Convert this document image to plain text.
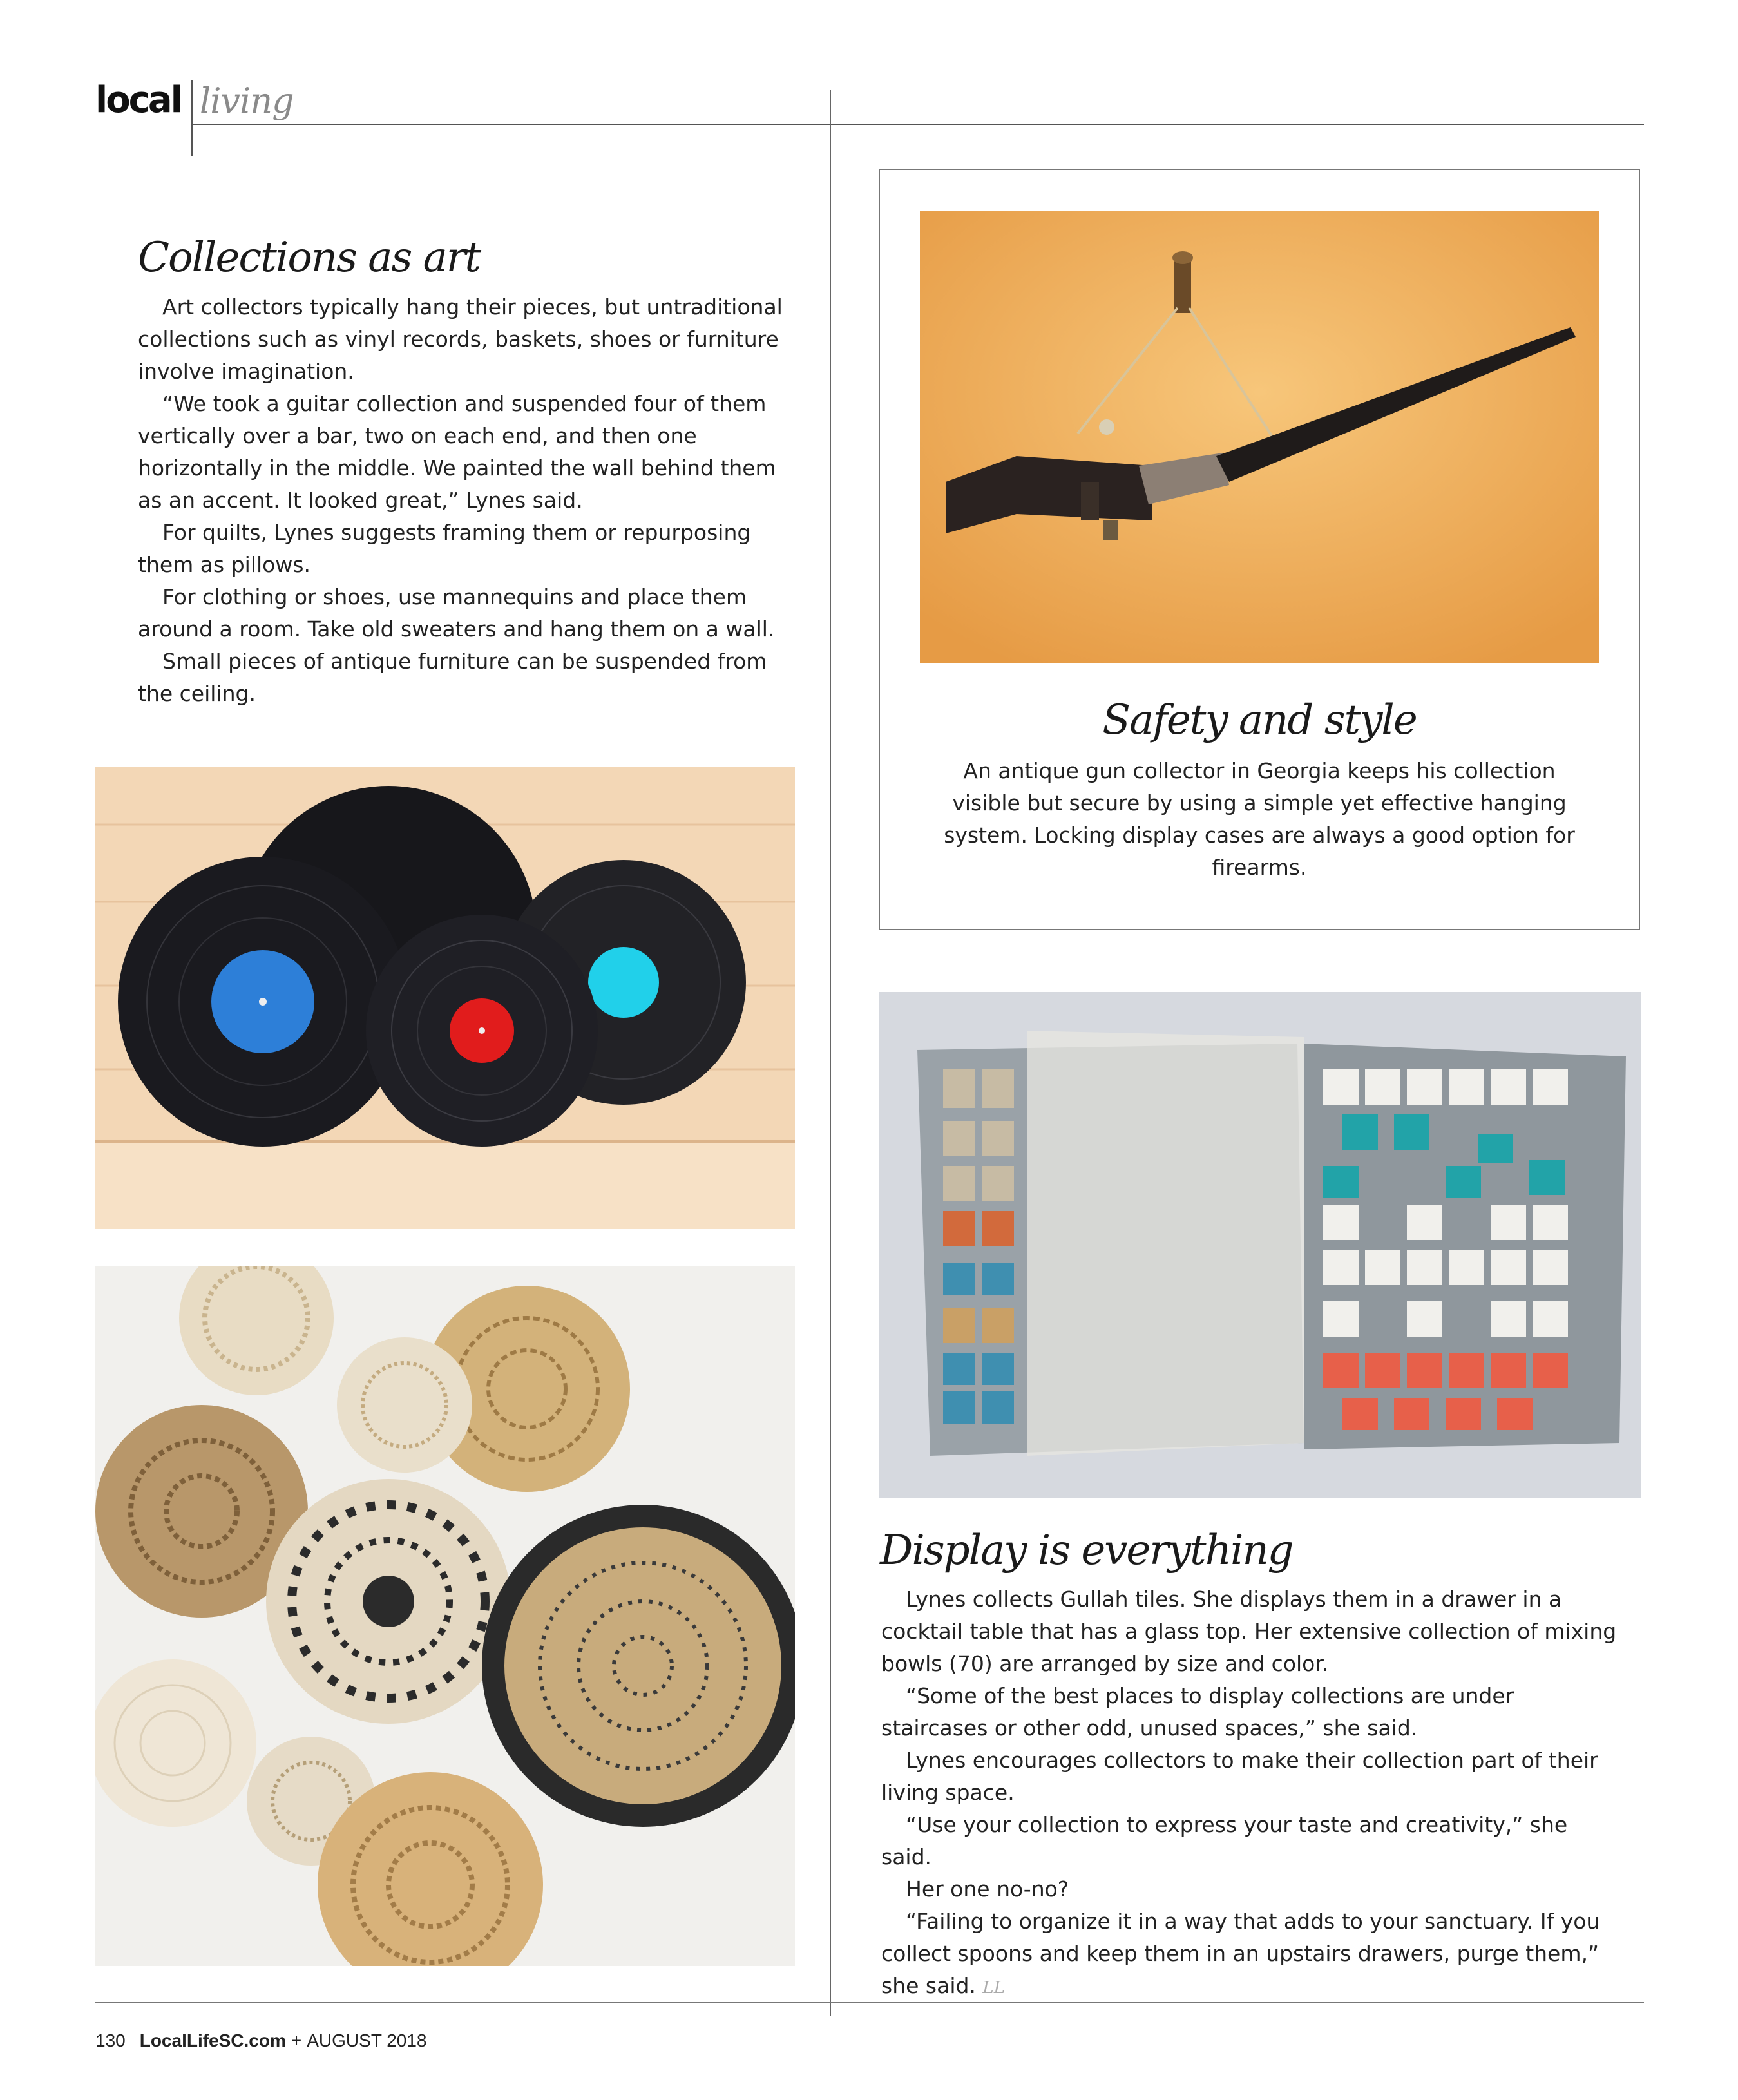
local living
Collections as art

Art collectors typically hang their pieces, but untraditional collections such as vinyl records, baskets, shoes or furniture involve imagination.

“We took a guitar collection and suspended four of them vertically over a bar, two on each end, and then one horizontally in the middle. We painted the wall behind them as an accent. It looked great,” Lynes said.

For quilts, Lynes suggests framing them or repurposing them as pillows.

For clothing or shoes, use mannequins and place them around a room. Take old sweaters and hang them on a wall.

Small pieces of antique furniture can be suspended from the ceiling.

Safety and style
An antique gun collector in Georgia keeps his collection visible but secure by using a simple yet effective hanging system. Locking display cases are always a good option for firearms.
Display is everything

Lynes collects Gullah tiles. She displays them in a drawer in a cocktail table that has a glass top. Her extensive collection of mixing bowls (70) are arranged by size and color.

“Some of the best places to display collections are under staircases or other odd, unused spaces,” she said.

Lynes encourages collectors to make their collection part of their living space.

“Use your collection to express your taste and creativity,” she said.

Her one no-no?

“Failing to organize it in a way that adds to your sanctuary. If you collect spoons and keep them in an upstairs drawers, purge them,” she said. LL

130 LocalLifeSC.com + AUGUST 2018
